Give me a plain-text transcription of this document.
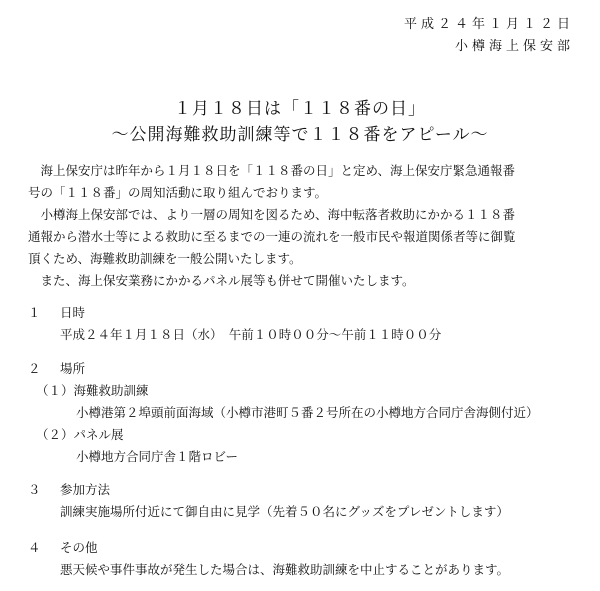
平成２４年１月１２日
小樽海上保安部
１月１８日は「１１８番の日」
～公開海難救助訓練等で１１８番をアピール～
海上保安庁は昨年から１月１８日を「１１８番の日」と定め、海上保安庁緊急通報番
号の「１１８番」の周知活動に取り組んでおります。
小樽海上保安部では、より一層の周知を図るため、海中転落者救助にかかる１１８番
通報から潜水士等による救助に至るまでの一連の流れを一般市民や報道関係者等に御覧
頂くため、海難救助訓練を一般公開いたします。
また、海上保安業務にかかるパネル展等も併せて開催いたします。
１	日時
平成２４年１月１８日（水）　午前１０時００分～午前１１時００分
２	場所
（１）海難救助訓練
小樽港第２埠頭前面海域（小樽市港町５番２号所在の小樽地方合同庁舎海側付近）
（２）パネル展
小樽地方合同庁舎１階ロビー
３	参加方法
訓練実施場所付近にて御自由に見学（先着５０名にグッズをプレゼントします）
４	その他
悪天候や事件事故が発生した場合は、海難救助訓練を中止することがあります。
